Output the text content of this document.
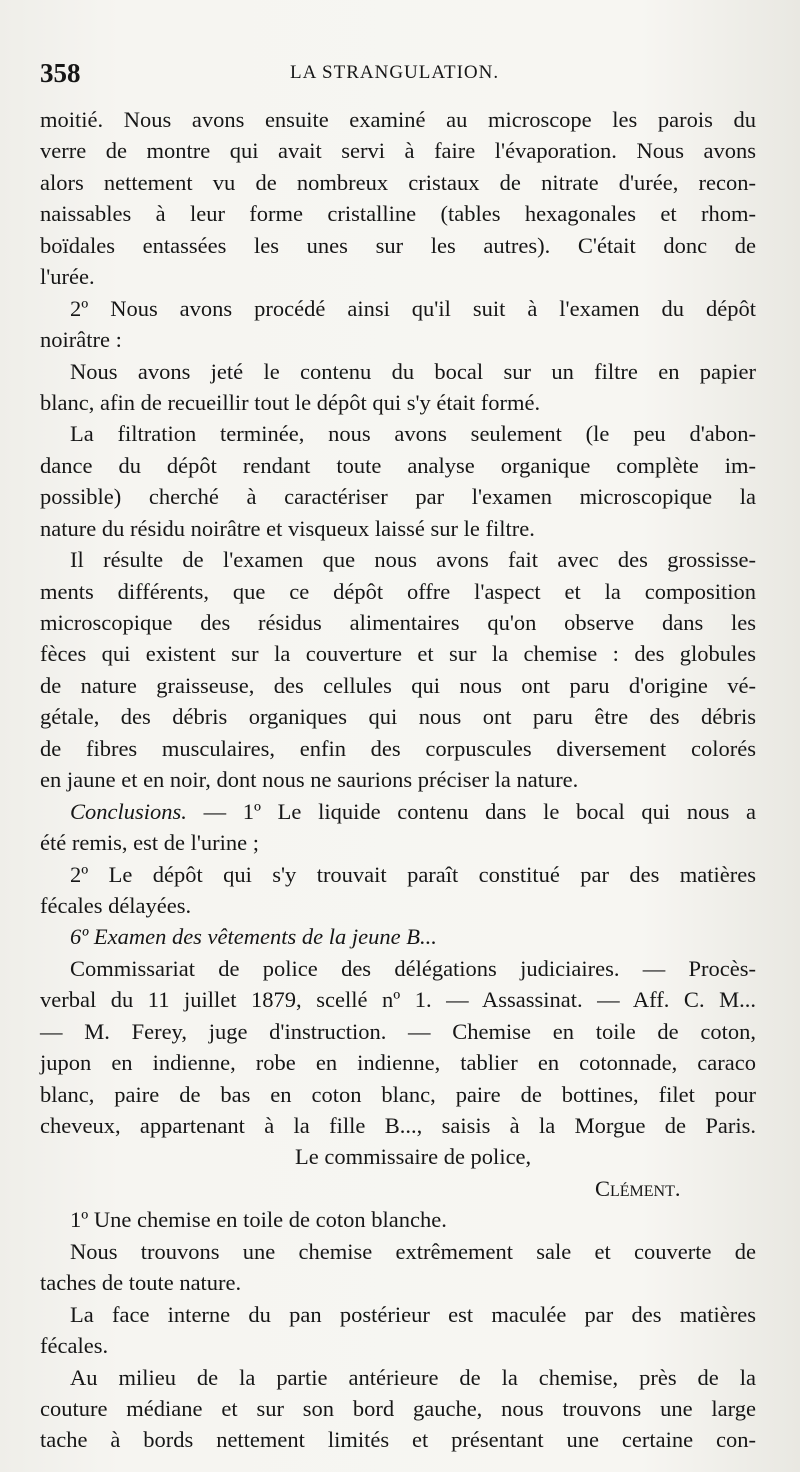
358	LA STRANGULATION.
moitié. Nous avons ensuite examiné au microscope les parois du
verre de montre qui avait servi à faire l'évaporation. Nous avons
alors nettement vu de nombreux cristaux de nitrate d'urée, recon-
naissables à leur forme cristalline (tables hexagonales et rhom-
boïdales entassées les unes sur les autres). C'était donc de
l'urée.
2º Nous avons procédé ainsi qu'il suit à l'examen du dépôt
noirâtre :
Nous avons jeté le contenu du bocal sur un filtre en papier
blanc, afin de recueillir tout le dépôt qui s'y était formé.
La filtration terminée, nous avons seulement (le peu d'abon-
dance du dépôt rendant toute analyse organique complète im-
possible) cherché à caractériser par l'examen microscopique la
nature du résidu noirâtre et visqueux laissé sur le filtre.
Il résulte de l'examen que nous avons fait avec des grossisse-
ments différents, que ce dépôt offre l'aspect et la composition
microscopique des résidus alimentaires qu'on observe dans les
fèces qui existent sur la couverture et sur la chemise : des globules
de nature graisseuse, des cellules qui nous ont paru d'origine vé-
gétale, des débris organiques qui nous ont paru être des débris
de fibres musculaires, enfin des corpuscules diversement colorés
en jaune et en noir, dont nous ne saurions préciser la nature.
Conclusions. — 1º Le liquide contenu dans le bocal qui nous a
été remis, est de l'urine ;
2º Le dépôt qui s'y trouvait paraît constitué par des matières
fécales délayées.
6º Examen des vêtements de la jeune B...
Commissariat de police des délégations judiciaires. — Procès-
verbal du 11 juillet 1879, scellé nº 1. — Assassinat. — Aff. C. M...
— M. Ferey, juge d'instruction. — Chemise en toile de coton,
jupon en indienne, robe en indienne, tablier en cotonnade, caraco
blanc, paire de bas en coton blanc, paire de bottines, filet pour
cheveux, appartenant à la fille B..., saisis à la Morgue de Paris.
Le commissaire de police,
Clément.
1º Une chemise en toile de coton blanche.
Nous trouvons une chemise extrêmement sale et couverte de
taches de toute nature.
La face interne du pan postérieur est maculée par des matières
fécales.
Au milieu de la partie antérieure de la chemise, près de la
couture médiane et sur son bord gauche, nous trouvons une large
tache à bords nettement limités et présentant une certaine con-
